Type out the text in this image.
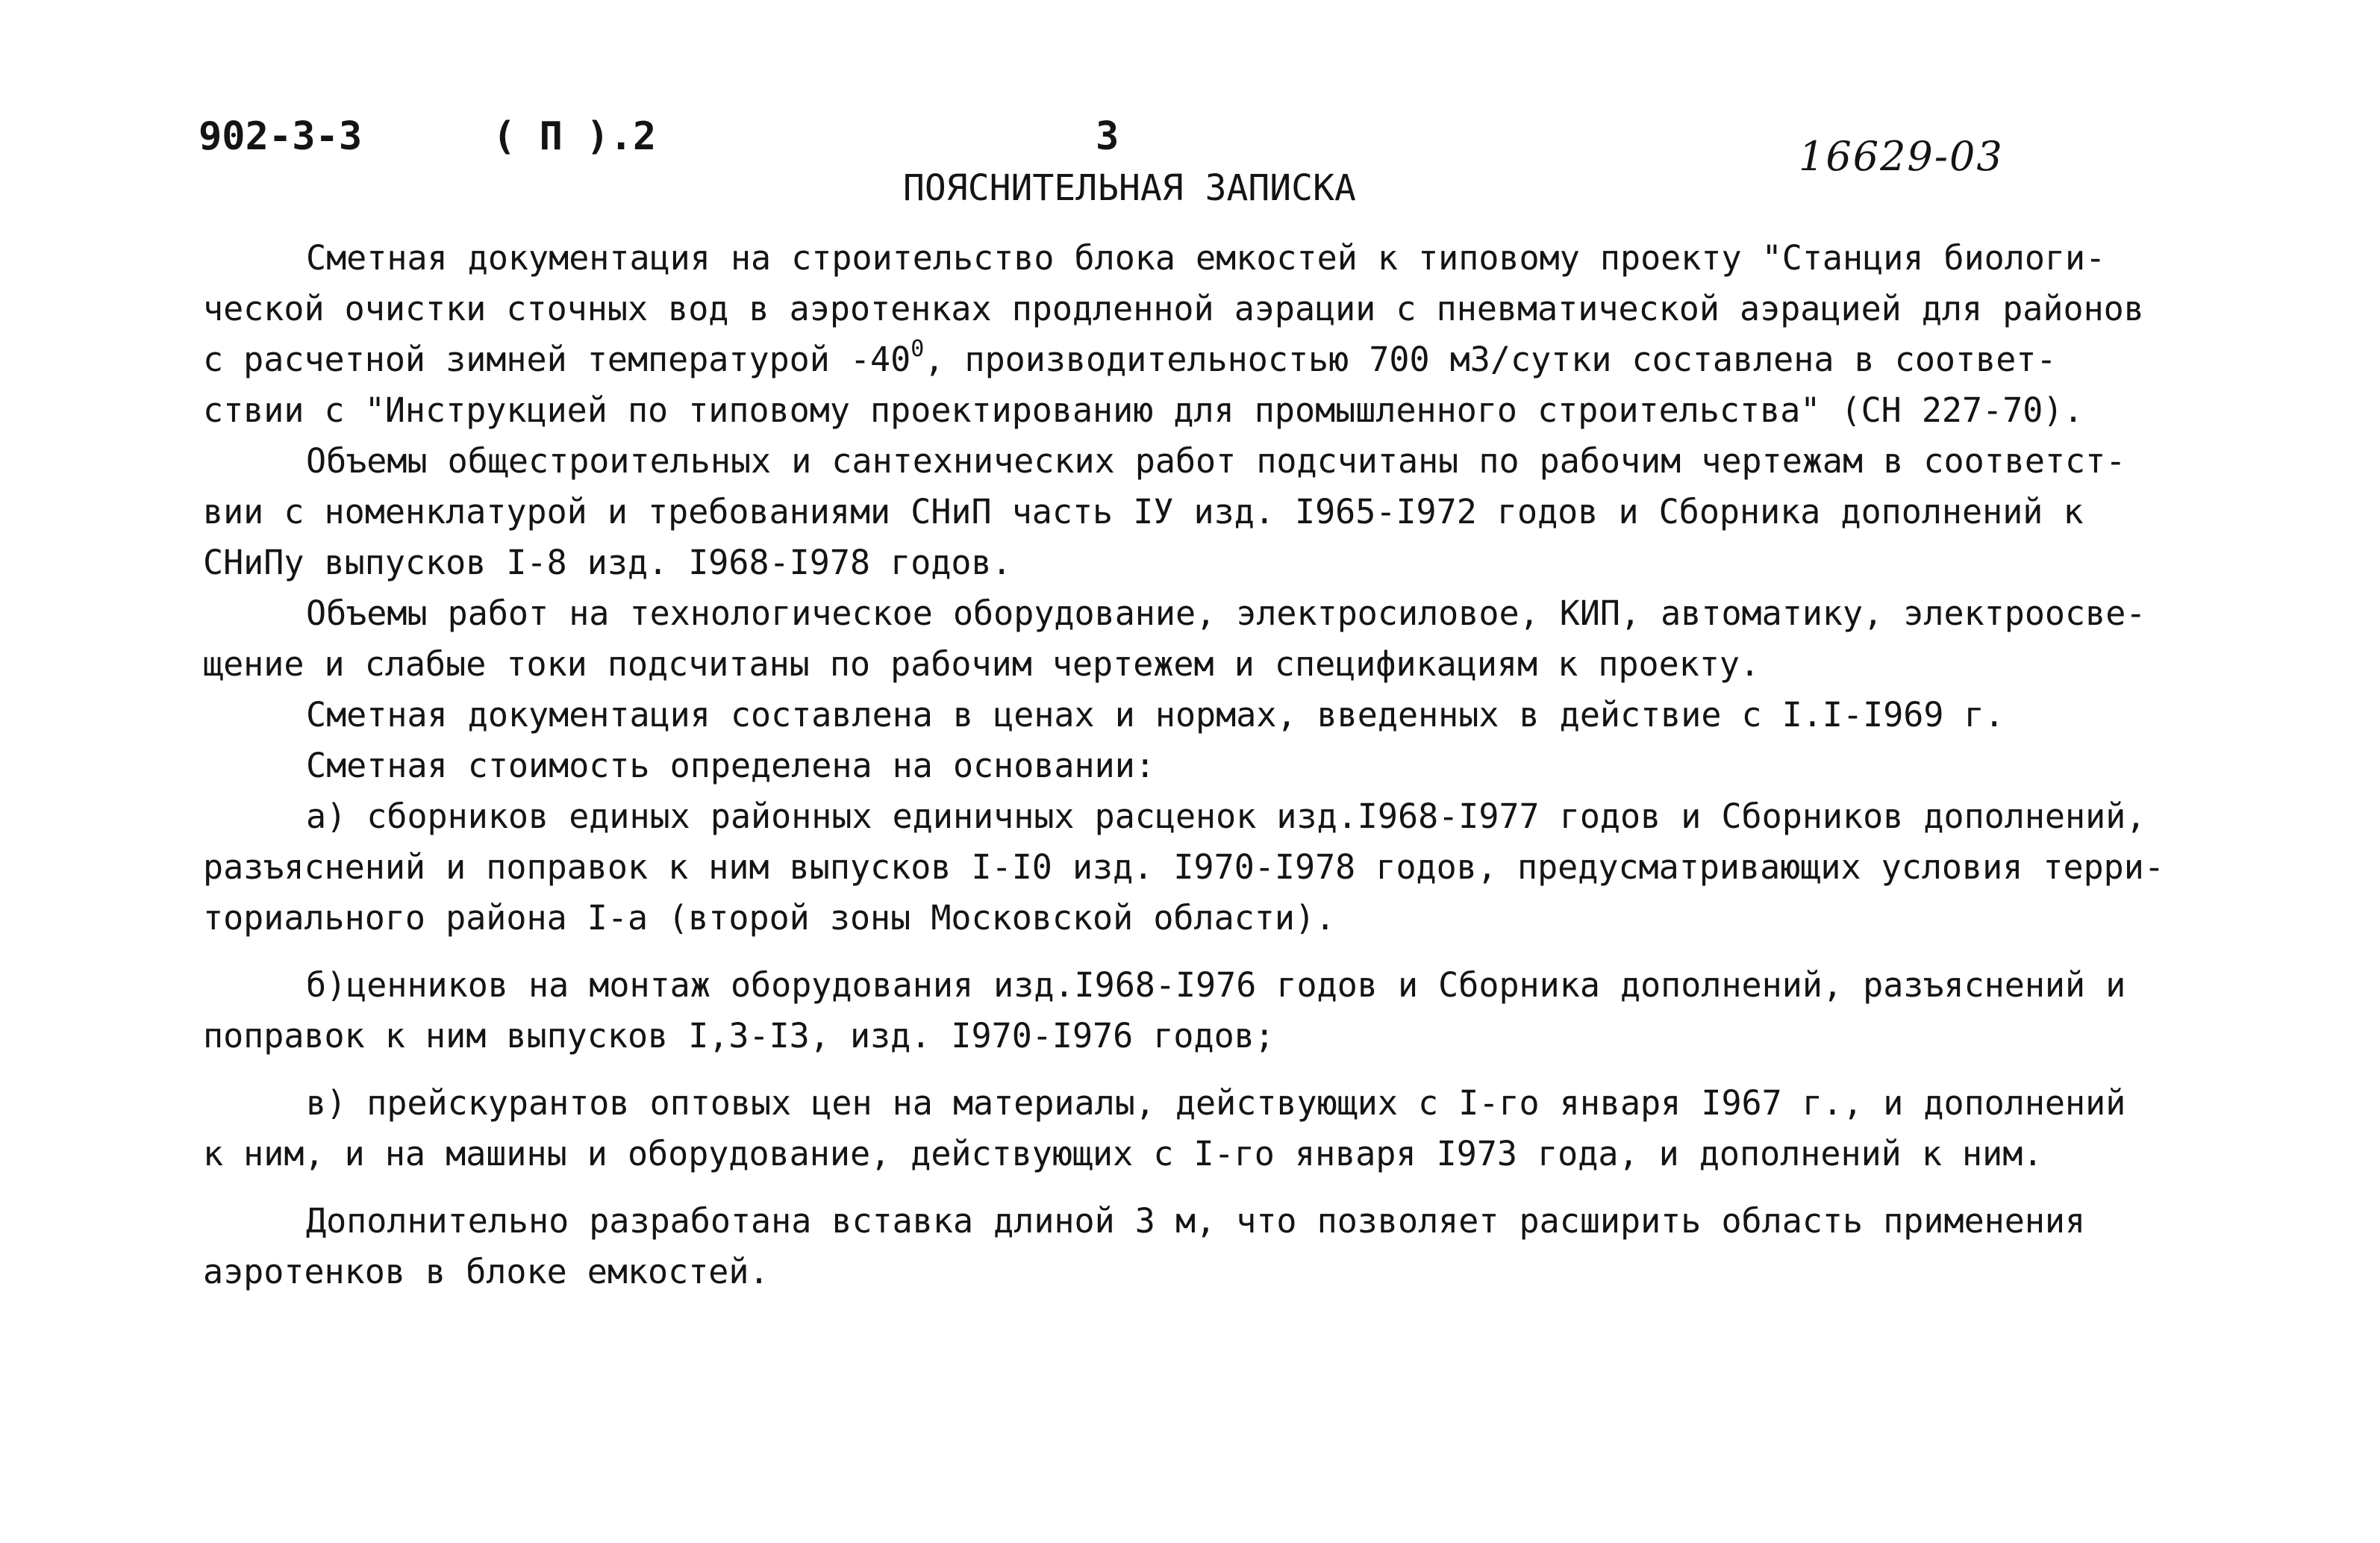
902-3-3	( П ).2	3	16629-03
ПОЯСНИТЕЛЬНАЯ ЗАПИСКА
Сметная документация на строительство блока емкостей к типовому проекту "Станция биологи-
ческой очистки сточных вод в аэротенках продленной аэрации с пневматической аэрацией для районов
с расчетной зимней температурой $-40^0$, производительностью 700 м3/сутки составлена в соответ-
ствии с "Инструкцией по типовому проектированию для промышленного строительства" (СН 227-70).
Объемы общестроительных и сантехнических работ подсчитаны по рабочим чертежам в соответст-
вии с номенклатурой и требованиями СНиП часть IУ изд. I965-I972 годов и Сборника дополнений к
СНиПу выпусков I-8 изд. I968-I978 годов.
Объемы работ на технологическое оборудование, электросиловое, КИП, автоматику, электроосве-
щение и слабые токи подсчитаны по рабочим чертежем и спецификациям к проекту.
Сметная документация составлена в ценах и нормах, введенных в действие с I.I-I969 г.
Сметная стоимость определена на основании:
а) сборников единых районных единичных расценок изд.I968-I977 годов и Сборников дополнений,
разъяснений и поправок к ним выпусков I-I0 изд. I970-I978 годов, предусматривающих условия терри-
ториального района I-а (второй зоны Московской области).
б)ценников на монтаж оборудования изд.I968-I976 годов и Сборника дополнений, разъяснений и
поправок к ним выпусков I,3-I3, изд. I970-I976 годов;
в) прейскурантов оптовых цен на материалы, действующих с I-го января I967 г., и дополнений
к ним, и на машины и оборудование, действующих с I-го января I973 года, и дополнений к ним.
Дополнительно разработана вставка длиной 3 м, что позволяет расширить область применения
аэротенков в блоке емкостей.
